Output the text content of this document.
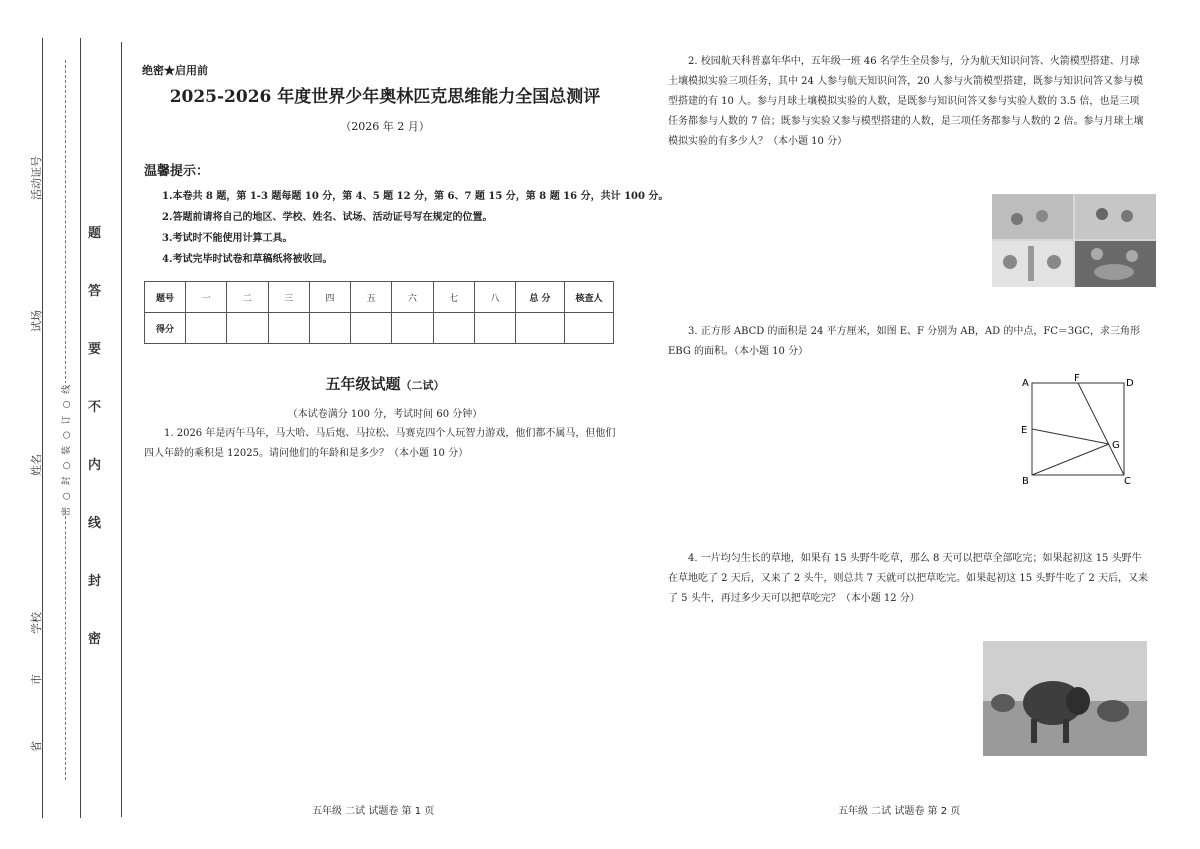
活动证号
试场
姓名
学校
市
省
密 ○ 封 ○ 装 ○ 订 ○ 线
题
答
要
不
内
线
封
密
绝密★启用前
2025-2026 年度世界少年奥林匹克思维能力全国总测评
（2026 年 2 月）
温馨提示：
1.本卷共 8 题，第 1-3 题每题 10 分，第 4、5 题 12 分，第 6、7 题 15 分，第 8 题 16 分，共计 100 分。
2.答题前请将自己的地区、学校、姓名、试场、活动证号写在规定的位置。
3.考试时不能使用计算工具。
4.考试完毕时试卷和草稿纸将被收回。
题号	一	二	三	四	五	六	七	八	总 分	核查人
得分										
五年级试题（二试）
（本试卷满分 100 分，考试时间 60 分钟）
1. 2026 年是丙午马年，马大哈、马后炮、马拉松、马赛克四个人玩智力游戏，他们都不属马，但他们四人年龄的乘积是 12025。请问他们的年龄和是多少？（本小题 10 分）
五年级 二试 试题卷 第 1 页
2. 校园航天科普嘉年华中，五年级一班 46 名学生全员参与，分为航天知识问答、火箭模型搭建、月球土壤模拟实验三项任务，其中 24 人参与航天知识问答，20 人参与火箭模型搭建，既参与知识问答又参与模型搭建的有 10 人。参与月球土壤模拟实验的人数，是既参与知识问答又参与实验人数的 3.5 倍，也是三项任务都参与人数的 7 倍；既参与实验又参与模型搭建的人数，是三项任务都参与人数的 2 倍。参与月球土壤模拟实验的有多少人？（本小题 10 分）
3. 正方形 ABCD 的面积是 24 平方厘米，如图 E、F 分别为 AB，AD 的中点，FC＝3GC，求三角形 EBG 的面积。（本小题 10 分）
A	F	D
E
G
B	C
4. 一片均匀生长的草地，如果有 15 头野牛吃草，那么 8 天可以把草全部吃完；如果起初这 15 头野牛在草地吃了 2 天后，又来了 2 头牛，则总共 7 天就可以把草吃完。如果起初这 15 头野牛吃了 2 天后，又来了 5 头牛，再过多少天可以把草吃完？（本小题 12 分）
五年级 二试 试题卷 第 2 页
